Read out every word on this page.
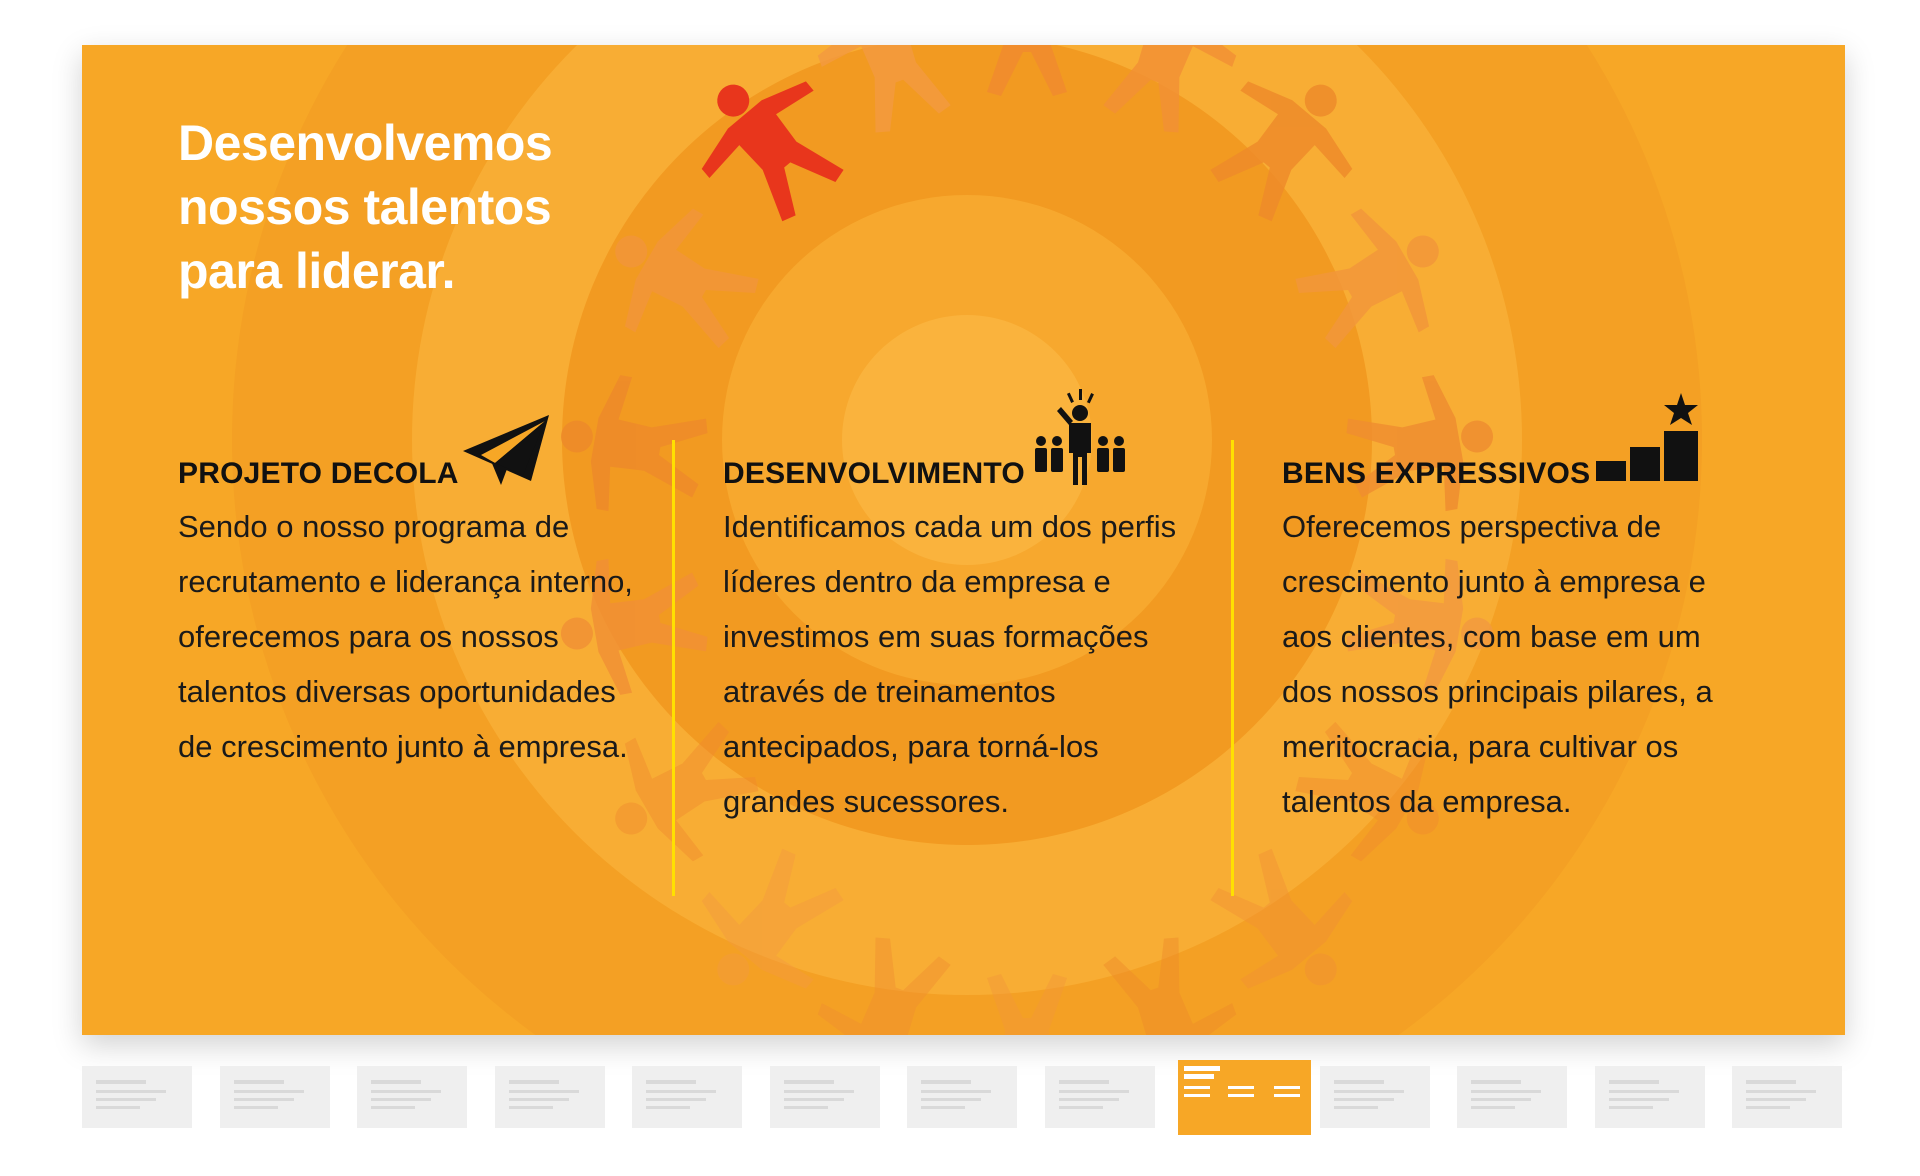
Desenvolvemos
nossos talentos
para liderar.
PROJETO DECOLA

Sendo o nosso programa de recrutamento e liderança interno, oferecemos para os nossos talentos diversas oportunidades de crescimento junto à empresa.

DESENVOLVIMENTO

Identificamos cada um dos perfis líderes dentro da empresa e investimos em suas formações através de treinamentos antecipados, para torná-los grandes sucessores.

BENS EXPRESSIVOS

Oferecemos perspectiva de crescimento junto à empresa e aos clientes, com base em um dos nossos principais pilares, a meritocracia, para cultivar os talentos da empresa.
